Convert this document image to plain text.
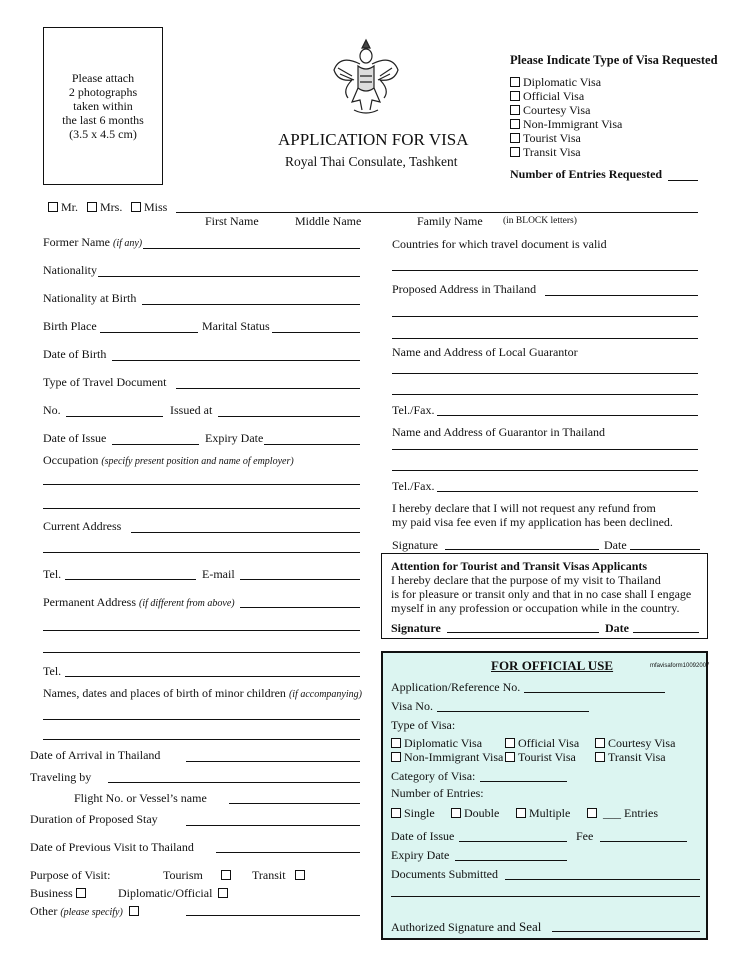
Please attach
2 photographs
taken within
the last 6 months
(3.5 x 4.5 cm)	APPLICATION FOR VISA
Royal Thai Consulate, Tashkent
Please Indicate Type of Visa Requested
Diplomatic Visa
Official Visa
Courtesy Visa
Non-Immigrant Visa
Tourist Visa
Transit Visa
Number of Entries Requested
Mr.	Mrs.	Miss
First Name	Middle Name	Family Name (in BLOCK letters)
Former Name (if any)
Nationality
Nationality at Birth
Birth Place	Marital Status
Date of Birth
Type of Travel Document
No.	Issued at
Date of Issue	Expiry Date
Occupation (specify present position and name of employer)
Current Address
Tel.	E-mail
Permanent Address (if different from above)
Tel.
Names, dates and places of birth of minor children (if accompanying)
Date of Arrival in Thailand
Traveling by
Flight No. or Vessel’s name
Duration of Proposed Stay
Date of Previous Visit to Thailand
Purpose of Visit:	Tourism	Transit
Business	Diplomatic/Official
Other (please specify)
Countries for which travel document is valid
Proposed Address in Thailand
Name and Address of Local Guarantor
Tel./Fax.
Name and Address of Guarantor in Thailand
Tel./Fax.
I hereby declare that I will not request any refund from
my paid visa fee even if my application has been declined.
Signature	Date
Attention for Tourist and Transit Visas Applicants
I hereby declare that the purpose of my visit to Thailand
is for pleasure or transit only and that in no case shall I engage
myself in any profession or occupation while in the country.
Signature	Date
FOR OFFICIAL USE	mfavisaform10092007
Application/Reference No.
Visa No.
Type of Visa:
Diplomatic Visa	Official Visa	Courtesy Visa
Non-Immigrant Visa	Tourist Visa	Transit Visa
Category of Visa:
Number of Entries:
Single	Double	Multiple	___ Entries
Date of Issue	Fee
Expiry Date
Documents Submitted
Authorized Signature and Seal
